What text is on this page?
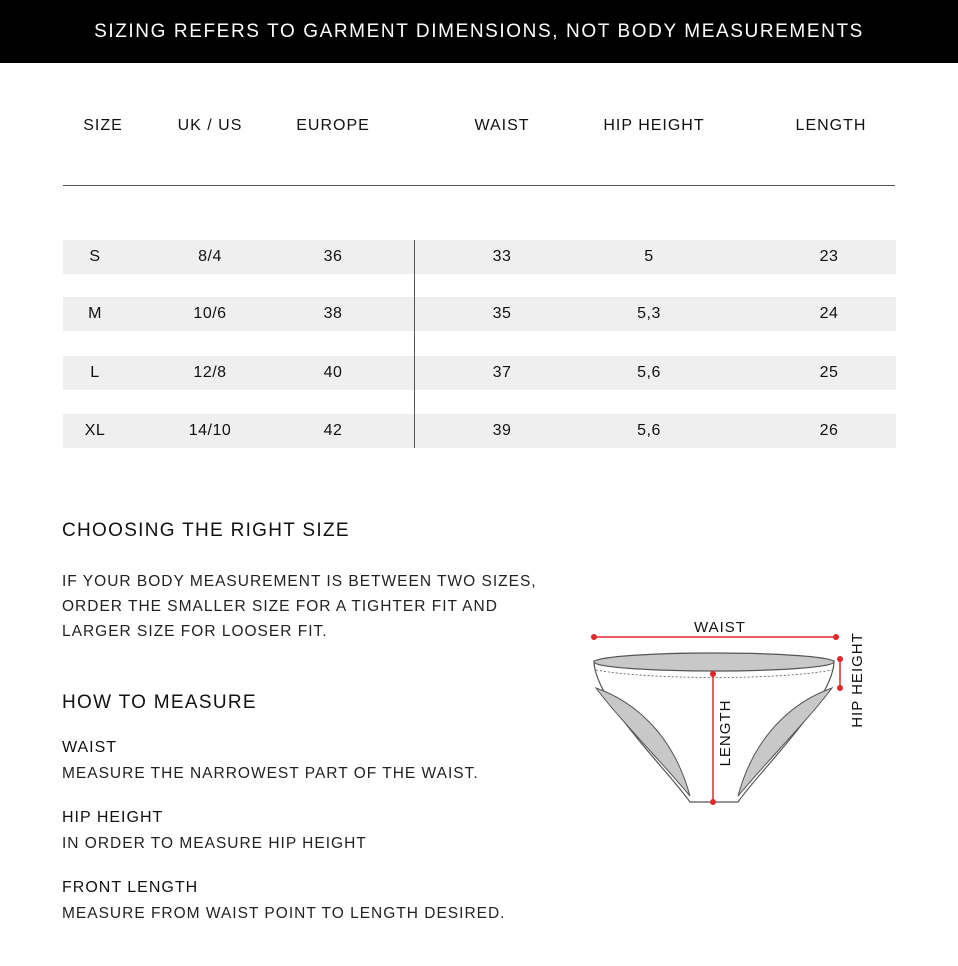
SIZING REFERS TO GARMENT DIMENSIONS, NOT BODY MEASUREMENTS
SIZE	UK / US	EUROPE	WAIST	HIP HEIGHT	LENGTH
S	8/4	36	33	5	23
M	10/6	38	35	5,3	24
L	12/8	40	37	5,6	25
XL	14/10	42	39	5,6	26
CHOOSING THE RIGHT SIZE
IF YOUR BODY MEASUREMENT IS BETWEEN TWO SIZES,
ORDER THE SMALLER SIZE FOR A TIGHTER FIT AND
LARGER SIZE FOR LOOSER FIT.
HOW TO MEASURE
WAIST
MEASURE THE NARROWEST PART OF THE WAIST.
HIP HEIGHT
IN ORDER TO MEASURE HIP HEIGHT
FRONT LENGTH
MEASURE FROM WAIST POINT TO LENGTH DESIRED.
WAIST
LENGTH
HIP HEIGHT
